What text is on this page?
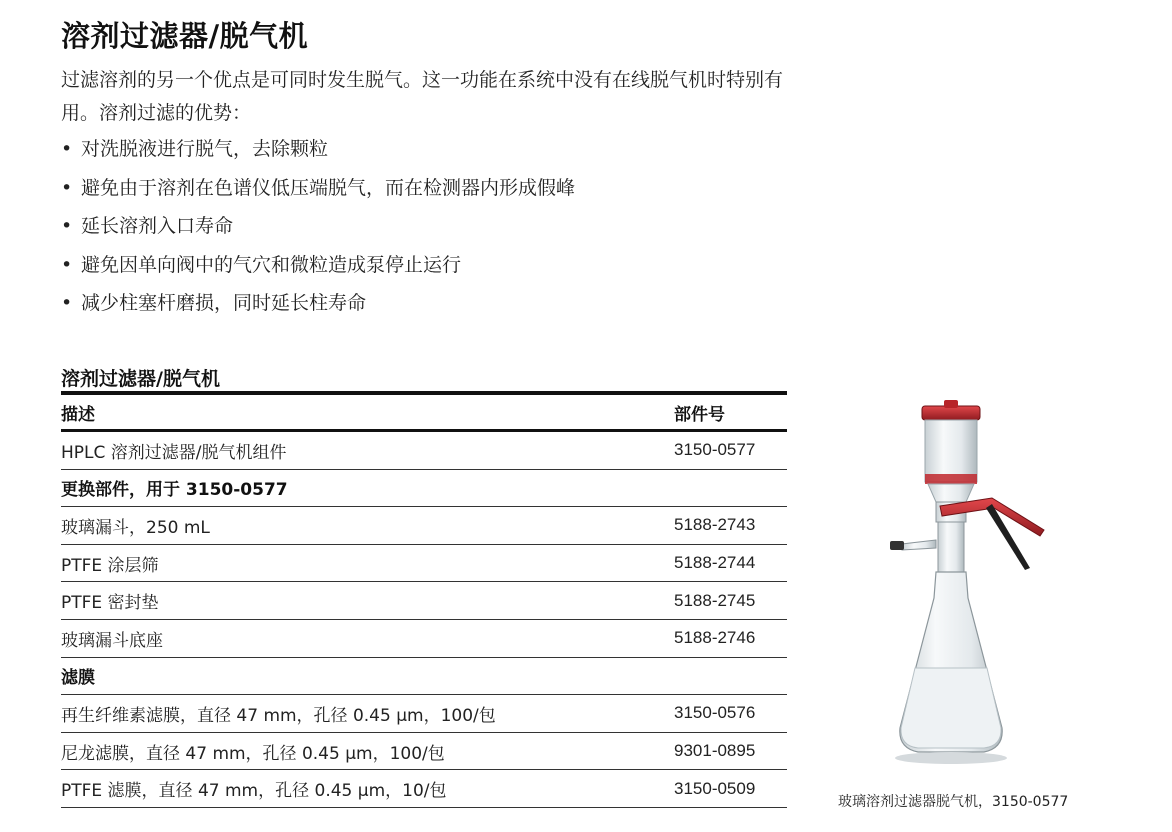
溶剂过滤器/脱气机
过滤溶剂的另一个优点是可同时发生脱气。这一功能在系统中没有在线脱气机时特别有用。溶剂过滤的优势：
• 对洗脱液进行脱气，去除颗粒
• 避免由于溶剂在色谱仪低压端脱气，而在检测器内形成假峰
• 延长溶剂入口寿命
• 避免因单向阀中的气穴和微粒造成泵停止运行
• 减少柱塞杆磨损，同时延长柱寿命
溶剂过滤器/脱气机
描述	部件号
HPLC 溶剂过滤器/脱气机组件	3150-0577
更换部件，用于 3150-0577	
玻璃漏斗，250 mL	5188-2743
PTFE 涂层筛	5188-2744
PTFE 密封垫	5188-2745
玻璃漏斗底座	5188-2746
滤膜	
再生纤维素滤膜，直径 47 mm，孔径 0.45 µm，100/包	3150-0576
尼龙滤膜，直径 47 mm，孔径 0.45 µm，100/包	9301-0895
PTFE 滤膜，直径 47 mm，孔径 0.45 µm，10/包	3150-0509
玻璃溶剂过滤器脱气机，3150-0577
